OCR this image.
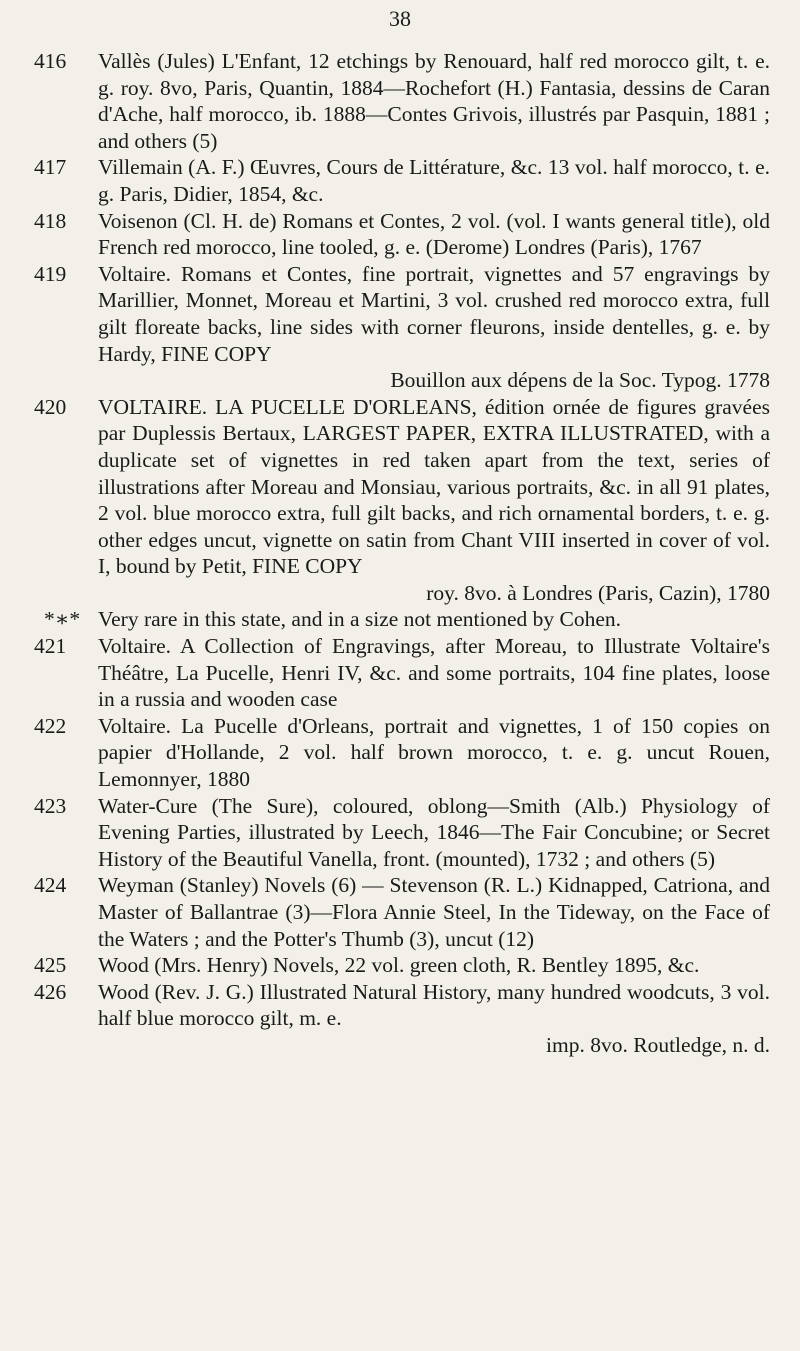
38
416	Vallès (Jules) L'Enfant, 12 etchings by Renouard, half red morocco gilt, t. e. g. roy. 8vo, Paris, Quantin, 1884—Rochefort (H.) Fantasia, dessins de Caran d'Ache, half morocco, ib. 1888—Contes Grivois, illustrés par Pasquin, 1881 ; and others (5)

417	Villemain (A. F.) Œuvres, Cours de Littérature, &c. 13 vol. half morocco, t. e. g. Paris, Didier, 1854, &c.

418	Voisenon (Cl. H. de) Romans et Contes, 2 vol. (vol. I wants general title), old French red morocco, line tooled, g. e. (Derome) Londres (Paris), 1767

419	Voltaire. Romans et Contes, fine portrait, vignettes and 57 engravings by Marillier, Monnet, Moreau et Martini, 3 vol. crushed red morocco extra, full gilt floreate backs, line sides with corner fleurons, inside dentelles, g. e. by Hardy, FINE COPY

Bouillon aux dépens de la Soc. Typog. 1778
420	VOLTAIRE. LA PUCELLE D'ORLEANS, édition ornée de figures gravées par Duplessis Bertaux, LARGEST PAPER, EXTRA ILLUSTRATED, with a duplicate set of vignettes in red taken apart from the text, series of illustrations after Moreau and Monsiau, various portraits, &c. in all 91 plates, 2 vol. blue morocco extra, full gilt backs, and rich ornamental borders, t. e. g. other edges uncut, vignette on satin from Chant VIII inserted in cover of vol. I, bound by Petit, FINE COPY

roy. 8vo. à Londres (Paris, Cazin), 1780
*∗* Very rare in this state, and in a size not mentioned by Cohen.

421	Voltaire. A Collection of Engravings, after Moreau, to Illustrate Voltaire's Théâtre, La Pucelle, Henri IV, &c. and some portraits, 104 fine plates, loose in a russia and wooden case

422	Voltaire. La Pucelle d'Orleans, portrait and vignettes, 1 of 150 copies on papier d'Hollande, 2 vol. half brown morocco, t. e. g. uncut Rouen, Lemonnyer, 1880

423	Water-Cure (The Sure), coloured, oblong—Smith (Alb.) Physiology of Evening Parties, illustrated by Leech, 1846—The Fair Concubine; or Secret History of the Beautiful Vanella, front. (mounted), 1732 ; and others (5)

424	Weyman (Stanley) Novels (6) — Stevenson (R. L.) Kidnapped, Catriona, and Master of Ballantrae (3)—Flora Annie Steel, In the Tideway, on the Face of the Waters ; and the Potter's Thumb (3), uncut (12)

425	Wood (Mrs. Henry) Novels, 22 vol. green cloth, R. Bentley 1895, &c.

426	Wood (Rev. J. G.) Illustrated Natural History, many hundred woodcuts, 3 vol. half blue morocco gilt, m. e.

imp. 8vo. Routledge, n. d.
